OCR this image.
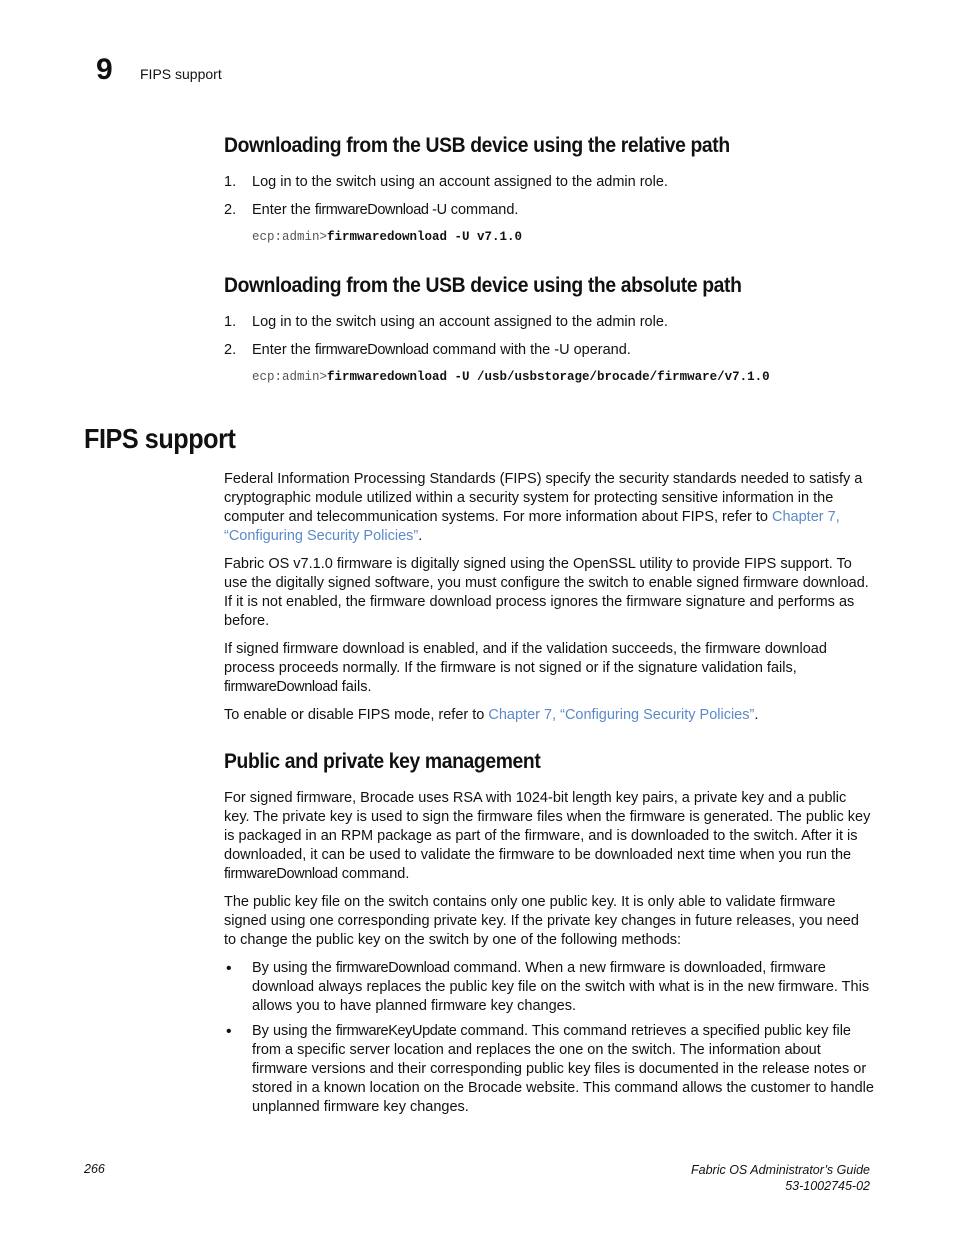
9 FIPS support
Downloading from the USB device using the relative path
1.	Log in to the switch using an account assigned to the admin role.
2.	Enter the firmwareDownload -U command.
ecp:admin>firmwaredownload -U v7.1.0
Downloading from the USB device using the absolute path
1.	Log in to the switch using an account assigned to the admin role.
2.	Enter the firmwareDownload command with the -U operand.
ecp:admin>firmwaredownload -U /usb/usbstorage/brocade/firmware/v7.1.0
FIPS support

Federal Information Processing Standards (FIPS) specify the security standards needed to satisfy a cryptographic module utilized within a security system for protecting sensitive information in the computer and telecommunication systems. For more information about FIPS, refer to Chapter 7, “Configuring Security Policies”.

Fabric OS v7.1.0 firmware is digitally signed using the OpenSSL utility to provide FIPS support. To use the digitally signed software, you must configure the switch to enable signed firmware download. If it is not enabled, the firmware download process ignores the firmware signature and performs as before.

If signed firmware download is enabled, and if the validation succeeds, the firmware download process proceeds normally. If the firmware is not signed or if the signature validation fails, firmwareDownload fails.

To enable or disable FIPS mode, refer to Chapter 7, “Configuring Security Policies”.

Public and private key management

For signed firmware, Brocade uses RSA with 1024-bit length key pairs, a private key and a public key. The private key is used to sign the firmware files when the firmware is generated. The public key is packaged in an RPM package as part of the firmware, and is downloaded to the switch. After it is downloaded, it can be used to validate the firmware to be downloaded next time when you run the firmwareDownload command.

The public key file on the switch contains only one public key. It is only able to validate firmware signed using one corresponding private key. If the private key changes in future releases, you need to change the public key on the switch by one of the following methods:

• By using the firmwareDownload command. When a new firmware is downloaded, firmware download always replaces the public key file on the switch with what is in the new firmware. This allows you to have planned firmware key changes.
• By using the firmwareKeyUpdate command. This command retrieves a specified public key file from a specific server location and replaces the one on the switch. The information about firmware versions and their corresponding public key files is documented in the release notes or stored in a known location on the Brocade website. This command allows the customer to handle unplanned firmware key changes.
266	Fabric OS Administrator’s Guide
53-1002745-02
